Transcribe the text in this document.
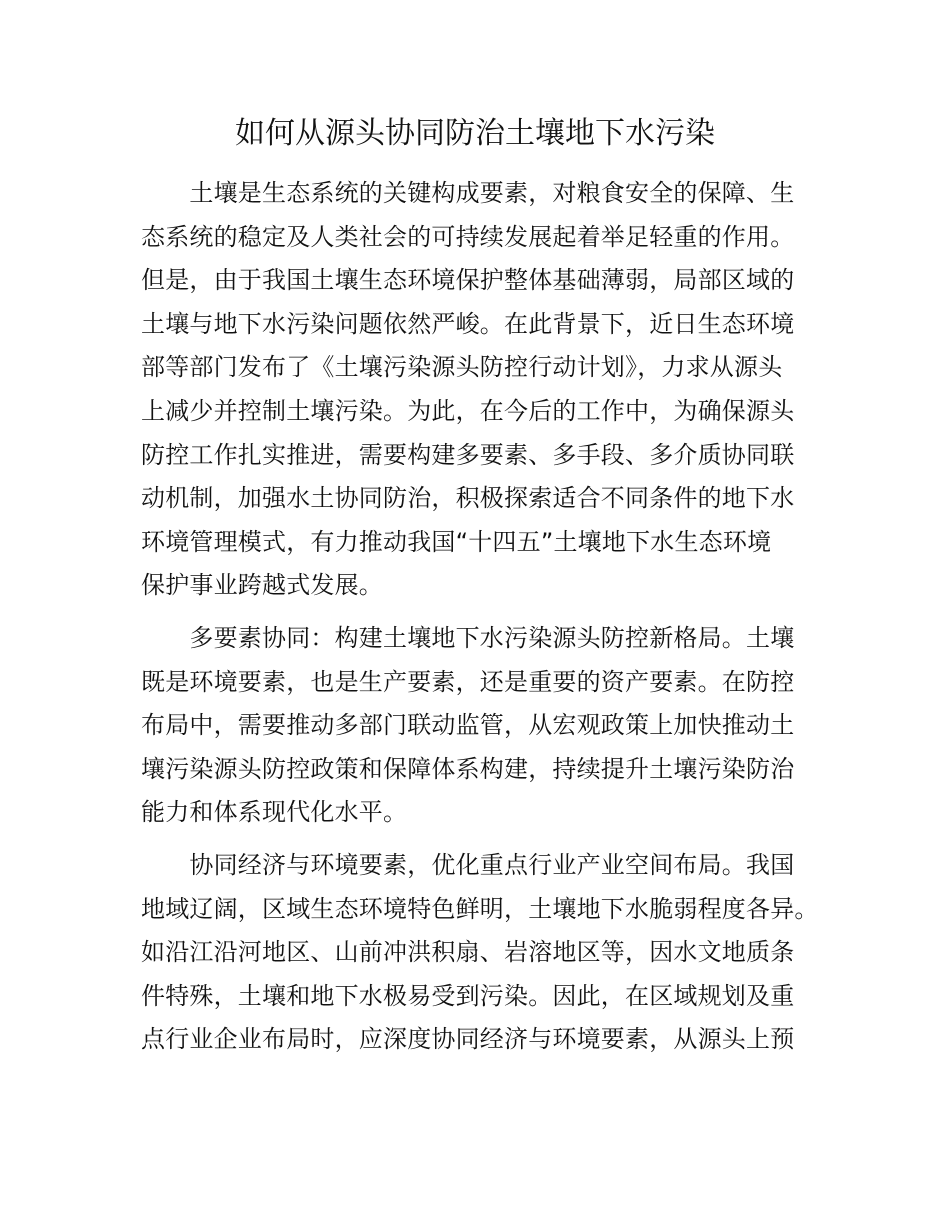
如何从源头协同防治土壤地下水污染
　　土壤是生态系统的关键构成要素，对粮食安全的保障、生
态系统的稳定及人类社会的可持续发展起着举足轻重的作用。
但是，由于我国土壤生态环境保护整体基础薄弱，局部区域的
土壤与地下水污染问题依然严峻。在此背景下，近日生态环境
部等部门发布了《土壤污染源头防控行动计划》，力求从源头
上减少并控制土壤污染。为此，在今后的工作中，为确保源头
防控工作扎实推进，需要构建多要素、多手段、多介质协同联
动机制，加强水土协同防治，积极探索适合不同条件的地下水
环境管理模式，有力推动我国“十四五”土壤地下水生态环境
保护事业跨越式发展。
　　多要素协同：构建土壤地下水污染源头防控新格局。土壤
既是环境要素，也是生产要素，还是重要的资产要素。在防控
布局中，需要推动多部门联动监管，从宏观政策上加快推动土
壤污染源头防控政策和保障体系构建，持续提升土壤污染防治
能力和体系现代化水平。
　　协同经济与环境要素，优化重点行业产业空间布局。我国
地域辽阔，区域生态环境特色鲜明，土壤地下水脆弱程度各异。
如沿江沿河地区、山前冲洪积扇、岩溶地区等，因水文地质条
件特殊，土壤和地下水极易受到污染。因此，在区域规划及重
点行业企业布局时，应深度协同经济与环境要素，从源头上预
